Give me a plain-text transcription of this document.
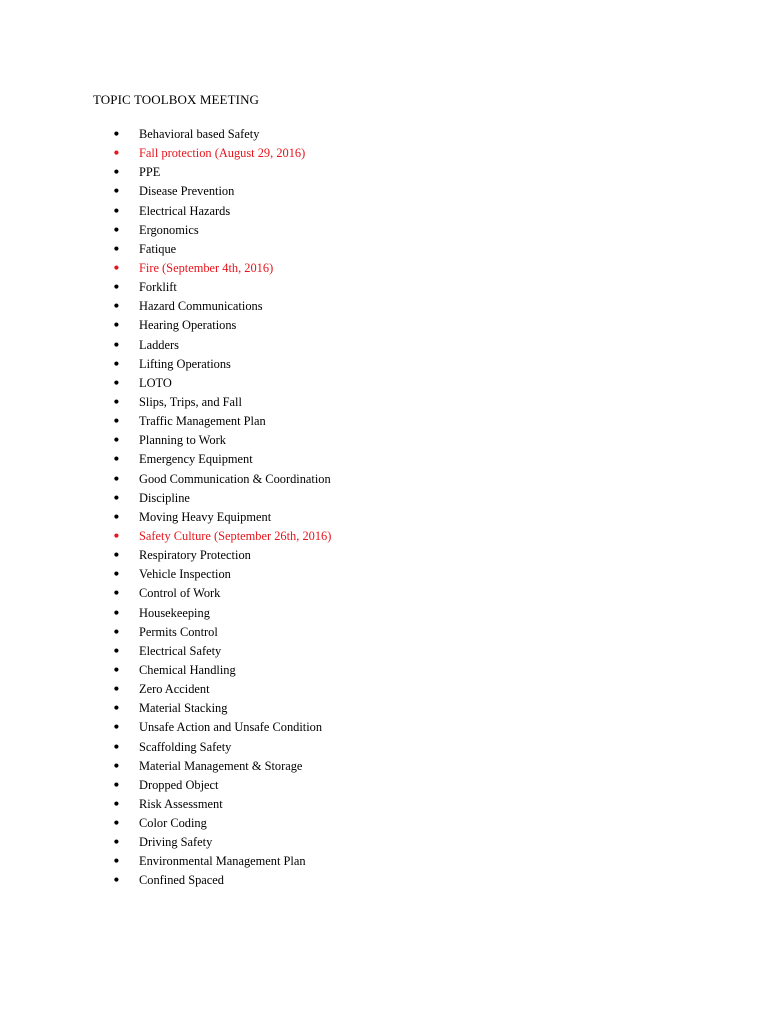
TOPIC TOOLBOX MEETING
●
Behavioral based Safety
●
Fall protection (August 29, 2016)
●
PPE
●
Disease Prevention
●
Electrical Hazards
●
Ergonomics
●
Fatique
●
Fire (September 4th, 2016)
●
Forklift
●
Hazard Communications
●
Hearing Operations
●
Ladders
●
Lifting Operations
●
LOTO
●
Slips, Trips, and Fall
●
Traffic Management Plan
●
Planning to Work
●
Emergency Equipment
●
Good Communication & Coordination
●
Discipline
●
Moving Heavy Equipment
●
Safety Culture (September 26th, 2016)
●
Respiratory Protection
●
Vehicle Inspection
●
Control of Work
●
Housekeeping
●
Permits Control
●
Electrical Safety
●
Chemical Handling
●
Zero Accident
●
Material Stacking
●
Unsafe Action and Unsafe Condition
●
Scaffolding Safety
●
Material Management & Storage
●
Dropped Object
●
Risk Assessment
●
Color Coding
●
Driving Safety
●
Environmental Management Plan
●
Confined Spaced
